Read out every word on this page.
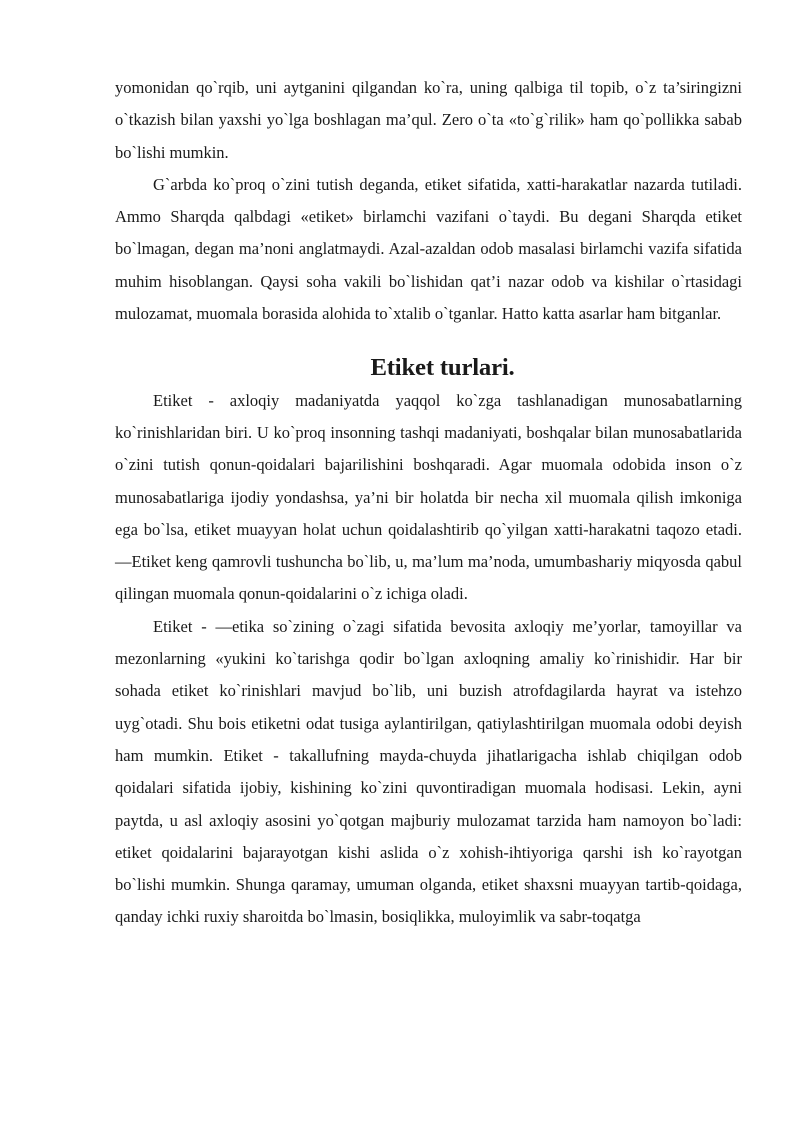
yomonidan qo`rqib, uni aytganini qilgandan ko`ra, uning qalbiga til topib, o`z ta’siringizni o`tkazish bilan yaxshi yo`lga boshlagan ma’qul. Zero o`ta «to`g`rilik» ham qo`pollikka sabab bo`lishi mumkin.

G`arbda ko`proq o`zini tutish deganda, etiket sifatida, xatti-harakatlar nazarda tutiladi. Ammo Sharqda qalbdagi «etiket» birlamchi vazifani o`taydi. Bu degani Sharqda etiket bo`lmagan, degan ma’noni anglatmaydi. Azal-azaldan odob masalasi birlamchi vazifa sifatida muhim hisoblangan. Qaysi soha vakili bo`lishidan qat’i nazar odob va kishilar o`rtasidagi mulozamat, muomala borasida alohida to`xtalib o`tganlar. Hatto katta asarlar ham bitganlar.

Etiket turlari.

Etiket - axloqiy madaniyatda yaqqol ko`zga tashlanadigan munosabatlarning ko`rinishlaridan biri. U ko`proq insonning tashqi madaniyati, boshqalar bilan munosabatlarida o`zini tutish qonun-qoidalari bajarilishini boshqaradi. Agar muomala odobida inson o`z munosabatlariga ijodiy yondashsa, ya’ni bir holatda bir necha xil muomala qilish imkoniga ega bo`lsa, etiket muayyan holat uchun qoidalashtirib qo`yilgan xatti-harakatni taqozo etadi. ―Etiket keng qamrovli tushuncha bo`lib, u, ma’lum ma’noda, umumbashariy miqyosda qabul qilingan muomala qonun-qoidalarini o`z ichiga oladi.

Etiket - ―etika so`zining o`zagi sifatida bevosita axloqiy me’yorlar, tamoyillar va mezonlarning «yukini ko`tarishga qodir bo`lgan axloqning amaliy ko`rinishidir. Har bir sohada etiket ko`rinishlari mavjud bo`lib, uni buzish atrofdagilarda hayrat va istehzo uyg`otadi. Shu bois etiketni odat tusiga aylantirilgan, qatiylashtirilgan muomala odobi deyish ham mumkin. Etiket - takallufning mayda-chuyda jihatlarigacha ishlab chiqilgan odob qoidalari sifatida ijobiy, kishining ko`zini quvontiradigan muomala hodisasi. Lekin, ayni paytda, u asl axloqiy asosini yo`qotgan majburiy mulozamat tarzida ham namoyon bo`ladi: etiket qoidalarini bajarayotgan kishi aslida o`z xohish-ihtiyoriga qarshi ish ko`rayotgan bo`lishi mumkin. Shunga qaramay, umuman olganda, etiket shaxsni muayyan tartib-qoidaga, qanday ichki ruxiy sharoitda bo`lmasin, bosiqlikka, muloyimlik va sabr-toqatga
